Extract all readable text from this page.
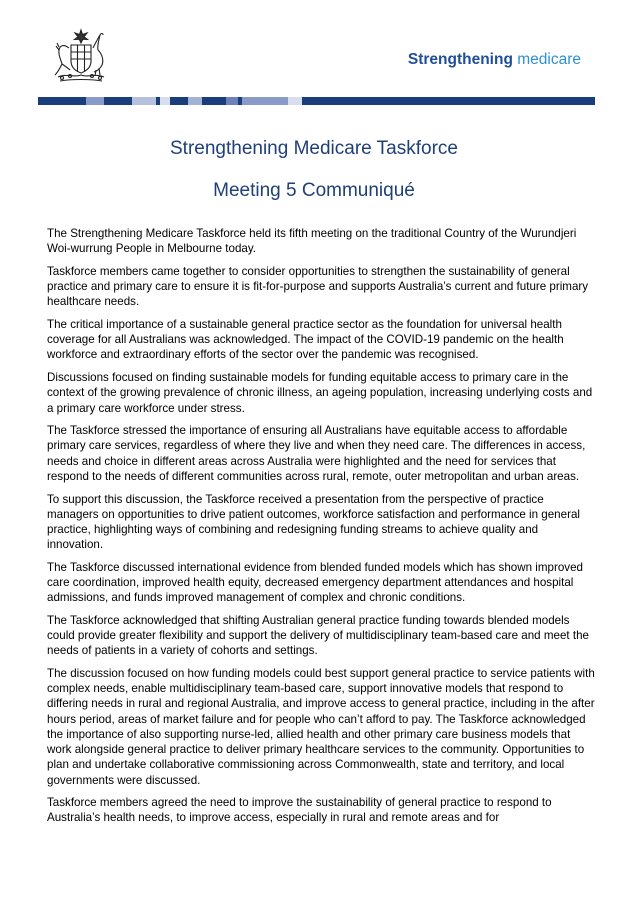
Strengthening medicare
Strengthening Medicare Taskforce
Meeting 5 Communiqué

The Strengthening Medicare Taskforce held its fifth meeting on the traditional Country of the Wurundjeri Woi-wurrung People in Melbourne today.

Taskforce members came together to consider opportunities to strengthen the sustainability of general practice and primary care to ensure it is fit-for-purpose and supports Australia’s current and future primary healthcare needs.

The critical importance of a sustainable general practice sector as the foundation for universal health coverage for all Australians was acknowledged. The impact of the COVID-19 pandemic on the health workforce and extraordinary efforts of the sector over the pandemic was recognised.

Discussions focused on finding sustainable models for funding equitable access to primary care in the context of the growing prevalence of chronic illness, an ageing population, increasing underlying costs and a primary care workforce under stress.

The Taskforce stressed the importance of ensuring all Australians have equitable access to affordable primary care services, regardless of where they live and when they need care. The differences in access, needs and choice in different areas across Australia were highlighted and the need for services that respond to the needs of different communities across rural, remote, outer metropolitan and urban areas.

To support this discussion, the Taskforce received a presentation from the perspective of practice managers on opportunities to drive patient outcomes, workforce satisfaction and performance in general practice, highlighting ways of combining and redesigning funding streams to achieve quality and innovation.

The Taskforce discussed international evidence from blended funded models which has shown improved care coordination, improved health equity, decreased emergency department attendances and hospital admissions, and funds improved management of complex and chronic conditions.

The Taskforce acknowledged that shifting Australian general practice funding towards blended models could provide greater flexibility and support the delivery of multidisciplinary team-based care and meet the needs of patients in a variety of cohorts and settings.

The discussion focused on how funding models could best support general practice to service patients with complex needs, enable multidisciplinary team-based care, support innovative models that respond to differing needs in rural and regional Australia, and improve access to general practice, including in the after hours period, areas of market failure and for people who can’t afford to pay. The Taskforce acknowledged the importance of also supporting nurse-led, allied health and other primary care business models that work alongside general practice to deliver primary healthcare services to the community. Opportunities to plan and undertake collaborative commissioning across Commonwealth, state and territory, and local governments were discussed.

Taskforce members agreed the need to improve the sustainability of general practice to respond to Australia’s health needs, to improve access, especially in rural and remote areas and for
